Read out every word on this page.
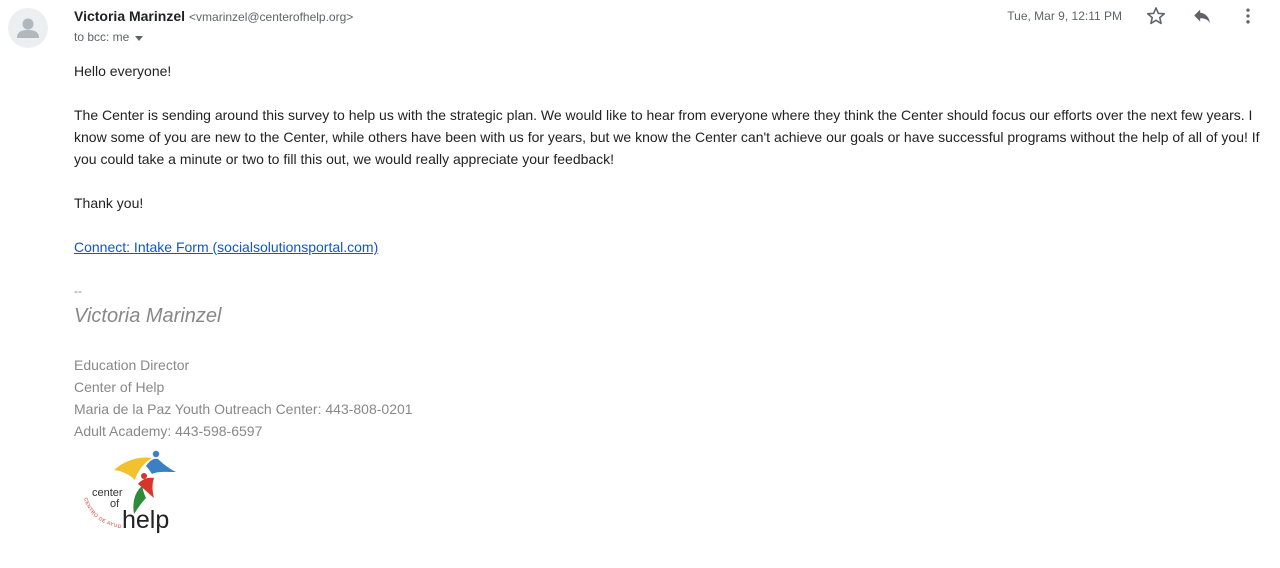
Victoria Marinzel <vmarinzel@centerofhelp.org>
to bcc: me
Tue, Mar 9, 12:11 PM

Hello everyone!

The Center is sending around this survey to help us with the strategic plan. We would like to hear from everyone where they think the Center should focus our efforts over the next few years. I know some of you are new to the Center, while others have been with us for years, but we know the Center can't achieve our goals or have successful programs without the help of all of you! If you could take a minute or two to fill this out, we would really appreciate your feedback!

Thank you!

Connect: Intake Form (socialsolutionsportal.com)

--
Victoria Marinzel
Education Director
Center of Help
Maria de la Paz Youth Outreach Center: 443-808-0201
Adult Academy: 443-598-6597
center
of
help
CENTRO DE AYUD
